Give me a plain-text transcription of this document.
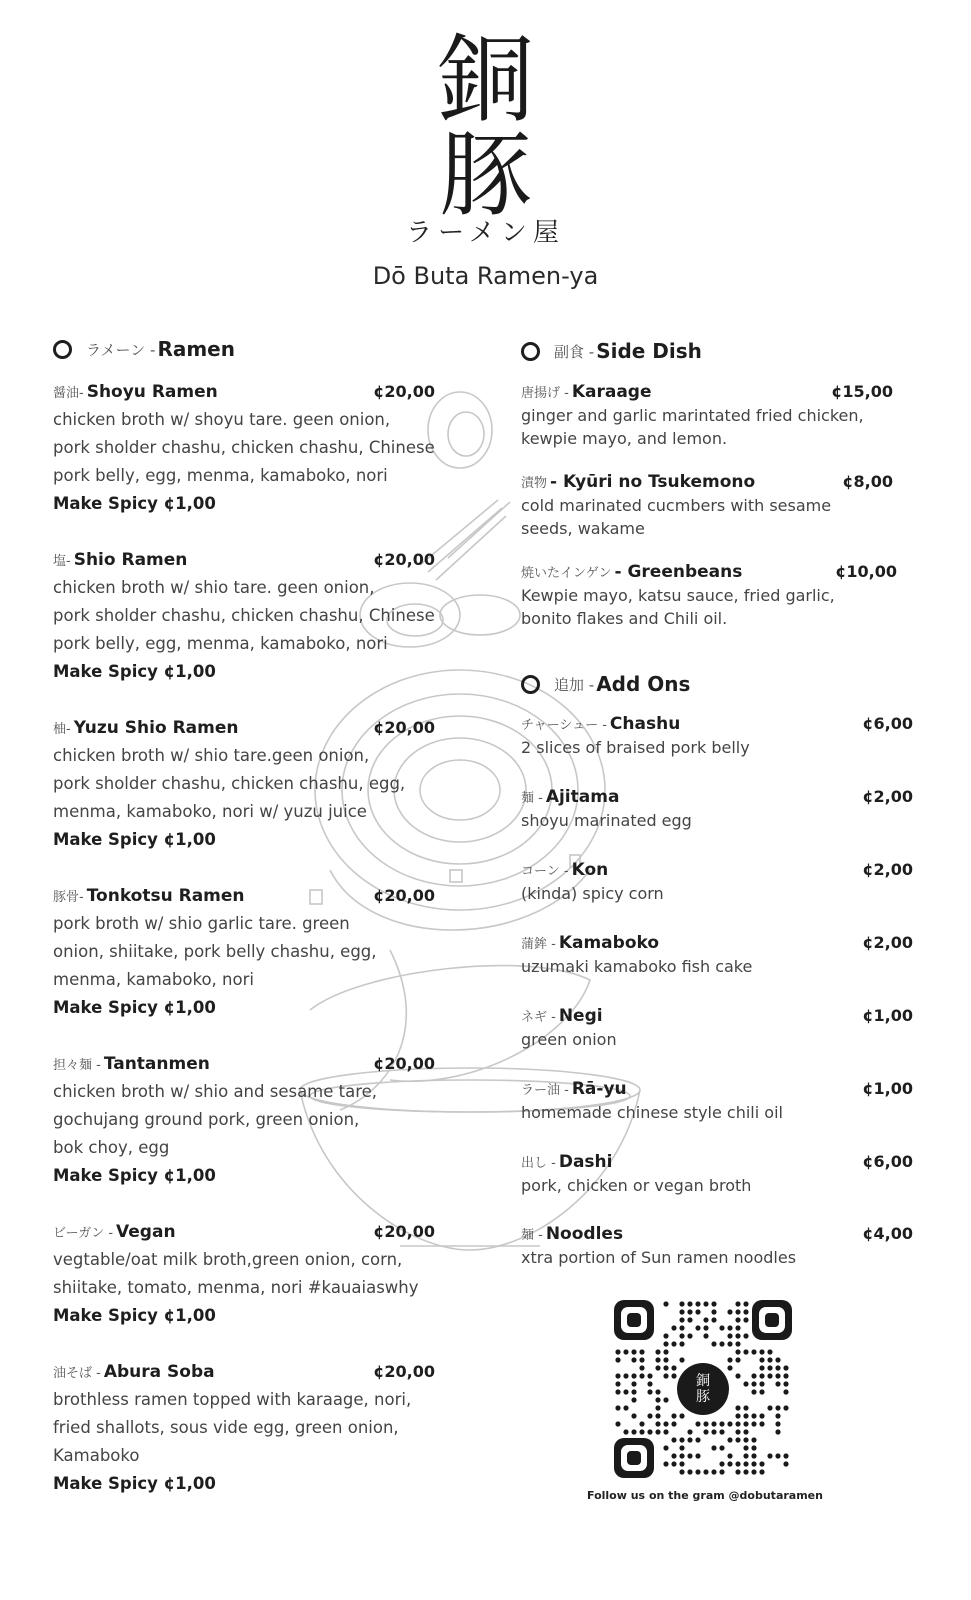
銅
豚
ラーメン屋
Dō Buta Ramen-ya
ラメーン - Ramen
醤油- Shoyu Ramen	¢20,00
chicken broth w/ shoyu tare. geen onion,
pork sholder chashu, chicken chashu, Chinese
pork belly, egg, menma, kamaboko, nori
Make Spicy ¢1,00
塩- Shio Ramen	¢20,00
chicken broth w/ shio tare. geen onion,
pork sholder chashu, chicken chashu, Chinese
pork belly, egg, menma, kamaboko, nori
Make Spicy ¢1,00
柚- Yuzu Shio Ramen	¢20,00
chicken broth w/ shio tare.geen onion,
pork sholder chashu, chicken chashu, egg,
menma, kamaboko, nori w/ yuzu juice
Make Spicy ¢1,00
豚骨- Tonkotsu Ramen	¢20,00
pork broth w/ shio garlic tare. green
onion, shiitake, pork belly chashu, egg,
menma, kamaboko, nori
Make Spicy ¢1,00
担々麺 - Tantanmen	¢20,00
chicken broth w/ shio and sesame tare,
gochujang ground pork, green onion,
bok choy, egg
Make Spicy ¢1,00
ビーガン - Vegan	¢20,00
vegtable/oat milk broth,green onion, corn,
shiitake, tomato, menma, nori #kauaiaswhy
Make Spicy ¢1,00
油そば - Abura Soba	¢20,00
brothless ramen topped with karaage, nori,
fried shallots, sous vide egg, green onion,
Kamaboko
Make Spicy ¢1,00
副食 - Side Dish
唐揚げ - Karaage	¢15,00
ginger and garlic marintated fried chicken,
kewpie mayo, and lemon.
漬物 - Kyūri no Tsukemono	¢8,00
cold marinated cucmbers with sesame
seeds, wakame
焼いたインゲン - Greenbeans	¢10,00
Kewpie mayo, katsu sauce, fried garlic,
bonito flakes and Chili oil.
追加 - Add Ons
チャーシュー - Chashu	¢6,00
2 slices of braised pork belly
麺 - Ajitama	¢2,00
shoyu marinated egg
コーン - Kon	¢2,00
(kinda) spicy corn
蒲鉾 - Kamaboko	¢2,00
uzumaki kamaboko fish cake
ネギ - Negi	¢1,00
green onion
ラー油 - Rā-yu	¢1,00
homemade chinese style chili oil
出し - Dashi	¢6,00
pork, chicken or vegan broth
麺 - Noodles	¢4,00
xtra portion of Sun ramen noodles
銅
豚
Follow us on the gram @dobutaramen
